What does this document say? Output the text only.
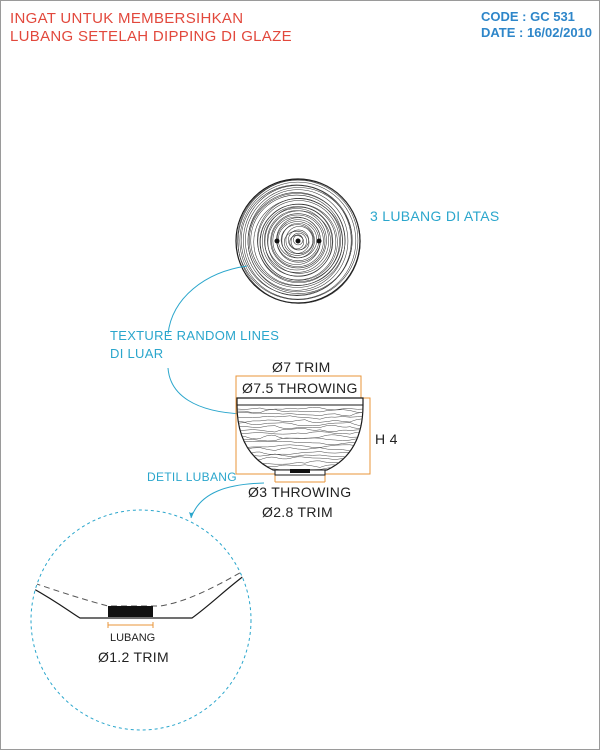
INGAT UNTUK MEMBERSIHKAN
LUBANG SETELAH DIPPING DI GLAZE
CODE : GC 531
DATE : 16/02/2010
3 LUBANG DI ATAS
TEXTURE RANDOM LINES
DI LUAR
Ø7 TRIM
Ø7.5 THROWING
H 4
DETIL LUBANG
Ø3 THROWING
Ø2.8 TRIM
LUBANG
Ø1.2 TRIM
